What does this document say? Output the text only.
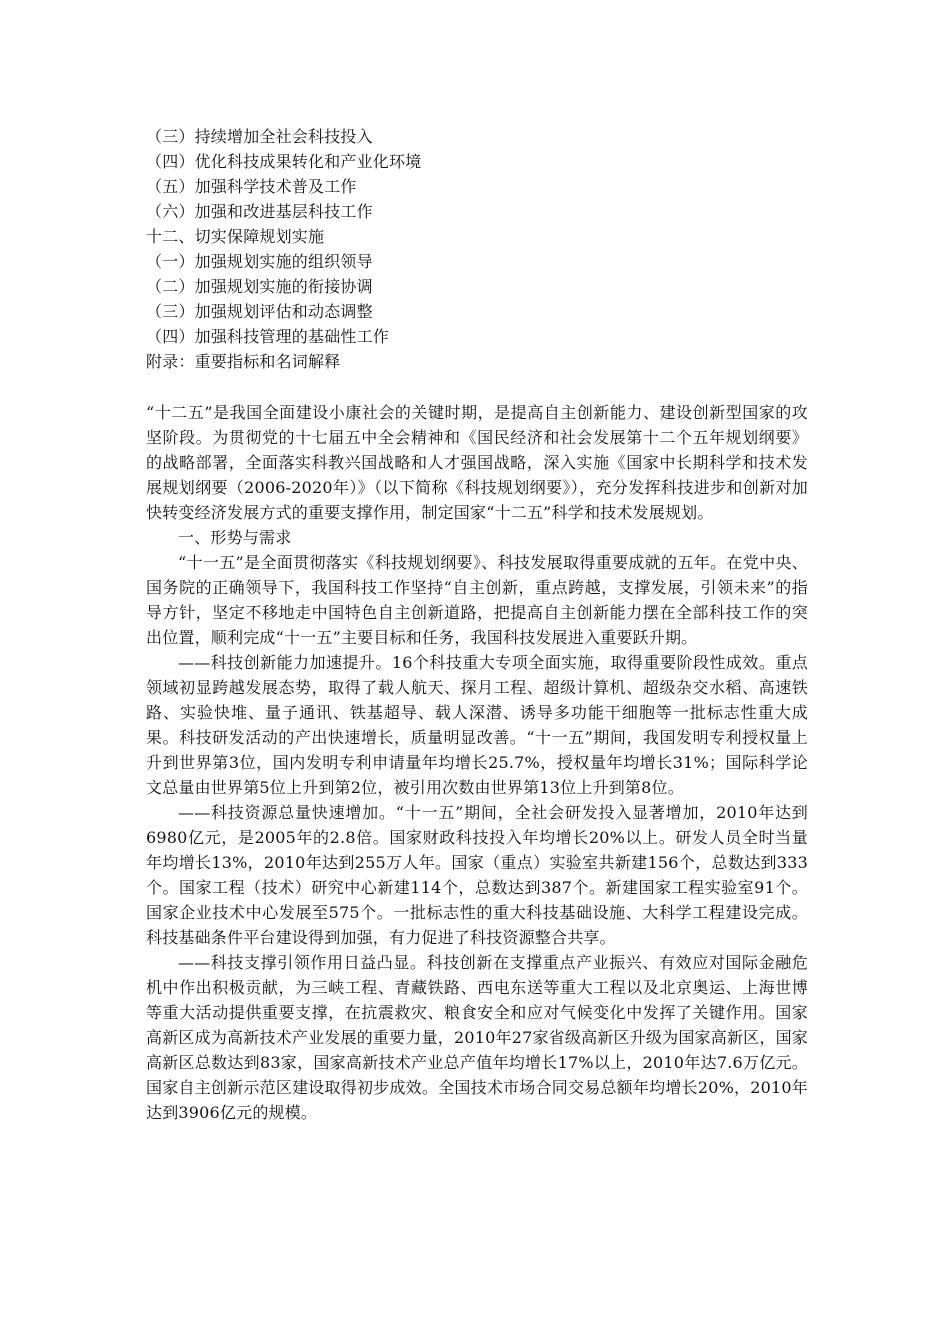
（三）持续增加全社会科技投入
（四）优化科技成果转化和产业化环境
（五）加强科学技术普及工作
（六）加强和改进基层科技工作
十二、切实保障规划实施
（一）加强规划实施的组织领导
（二）加强规划实施的衔接协调
（三）加强规划评估和动态调整
（四）加强科技管理的基础性工作
附录：重要指标和名词解释

“十二五”是我国全面建设小康社会的关键时期，是提高自主创新能力、建设创新型国家的攻坚阶段。为贯彻党的十七届五中全会精神和《国民经济和社会发展第十二个五年规划纲要》的战略部署，全面落实科教兴国战略和人才强国战略，深入实施《国家中长期科学和技术发展规划纲要（2006-2020年）》（以下简称《科技规划纲要》），充分发挥科技进步和创新对加快转变经济发展方式的重要支撑作用，制定国家“十二五”科学和技术发展规划。

一、形势与需求

“十一五”是全面贯彻落实《科技规划纲要》、科技发展取得重要成就的五年。在党中央、国务院的正确领导下，我国科技工作坚持“自主创新，重点跨越，支撑发展，引领未来”的指导方针，坚定不移地走中国特色自主创新道路，把提高自主创新能力摆在全部科技工作的突出位置，顺利完成“十一五”主要目标和任务，我国科技发展进入重要跃升期。

——科技创新能力加速提升。16个科技重大专项全面实施，取得重要阶段性成效。重点领域初显跨越发展态势，取得了载人航天、探月工程、超级计算机、超级杂交水稻、高速铁路、实验快堆、量子通讯、铁基超导、载人深潜、诱导多功能干细胞等一批标志性重大成果。科技研发活动的产出快速增长，质量明显改善。“十一五”期间，我国发明专利授权量上升到世界第3位，国内发明专利申请量年均增长25.7%，授权量年均增长31%；国际科学论文总量由世界第5位上升到第2位，被引用次数由世界第13位上升到第8位。

——科技资源总量快速增加。“十一五”期间，全社会研发投入显著增加，2010年达到6980亿元，是2005年的2.8倍。国家财政科技投入年均增长20%以上。研发人员全时当量年均增长13%，2010年达到255万人年。国家（重点）实验室共新建156个，总数达到333个。国家工程（技术）研究中心新建114个，总数达到387个。新建国家工程实验室91个。国家企业技术中心发展至575个。一批标志性的重大科技基础设施、大科学工程建设完成。科技基础条件平台建设得到加强，有力促进了科技资源整合共享。

——科技支撑引领作用日益凸显。科技创新在支撑重点产业振兴、有效应对国际金融危机中作出积极贡献，为三峡工程、青藏铁路、西电东送等重大工程以及北京奥运、上海世博等重大活动提供重要支撑，在抗震救灾、粮食安全和应对气候变化中发挥了关键作用。国家高新区成为高新技术产业发展的重要力量，2010年27家省级高新区升级为国家高新区，国家高新区总数达到83家，国家高新技术产业总产值年均增长17%以上，2010年达7.6万亿元。国家自主创新示范区建设取得初步成效。全国技术市场合同交易总额年均增长20%，2010年达到3906亿元的规模。
